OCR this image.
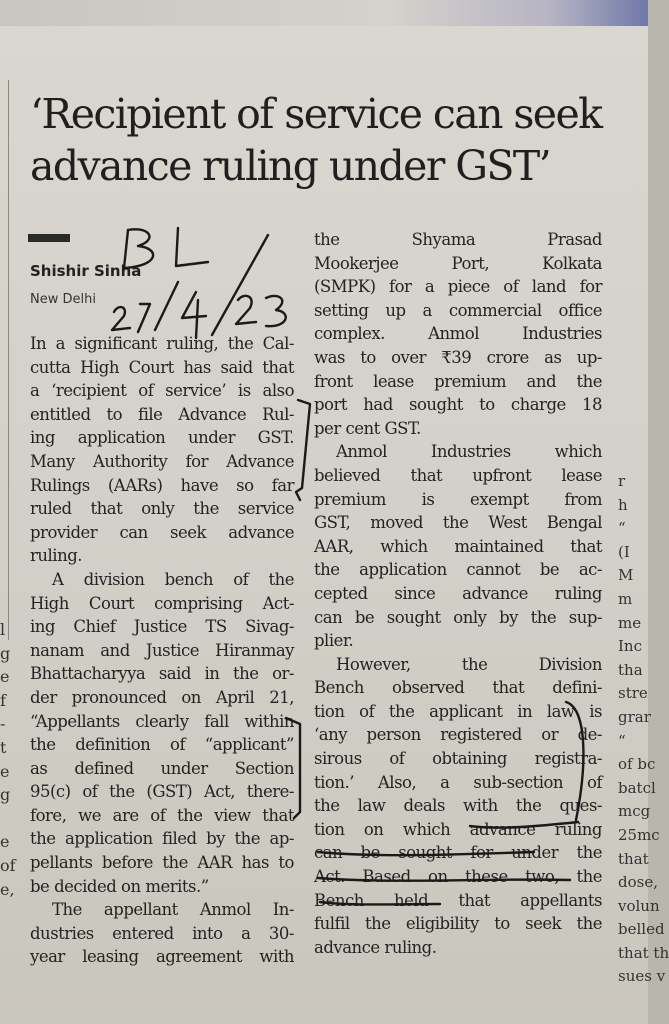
‘Recipient of service can seek advance ruling under GST’
Shishir Sinha
New Delhi
In a significant ruling, the Cal-
cutta High Court has said that
a ‘recipient of service’ is also
entitled to file Advance Rul-
ing application under GST.
Many Authority for Advance
Rulings (AARs) have so far
ruled that only the service
provider can seek advance
ruling.
A division bench of the
High Court comprising Act-
ing Chief Justice TS Sivag-
nanam and Justice Hiranmay
Bhattacharyya said in the or-
der pronounced on April 21,
“Appellants clearly fall within
the definition of “applicant”
as defined under Section
95(c) of the (GST) Act, there-
fore, we are of the view that
the application filed by the ap-
pellants before the AAR has to
be decided on merits.”
The appellant Anmol In-
dustries entered into a 30-
year leasing agreement with
the Shyama Prasad
Mookerjee Port, Kolkata
(SMPK) for a piece of land for
setting up a commercial office
complex. Anmol Industries
was to over ₹39 crore as up-
front lease premium and the
port had sought to charge 18
per cent GST.
Anmol Industries which
believed that upfront lease
premium is exempt from
GST, moved the West Bengal
AAR, which maintained that
the application cannot be ac-
cepted since advance ruling
can be sought only by the sup-
plier.
However, the Division
Bench observed that defini-
tion of the applicant in law is
‘any person registered or de-
sirous of obtaining registra-
tion.’ Also, a sub-section of
the law deals with the ques-
tion on which advance ruling
can be sought for under the
Act. Based on these two, the
Bench held that appellants
fulfil the eligibility to seek the
advance ruling.
l
g
e
f
-
t
e
g

e
of
e,
r
h
“
(I
M
m
me
Inc
tha
stre
grar
“
of bc
batcl
mcg
25mc
that
dose,
volun
belled
that th
sues v
